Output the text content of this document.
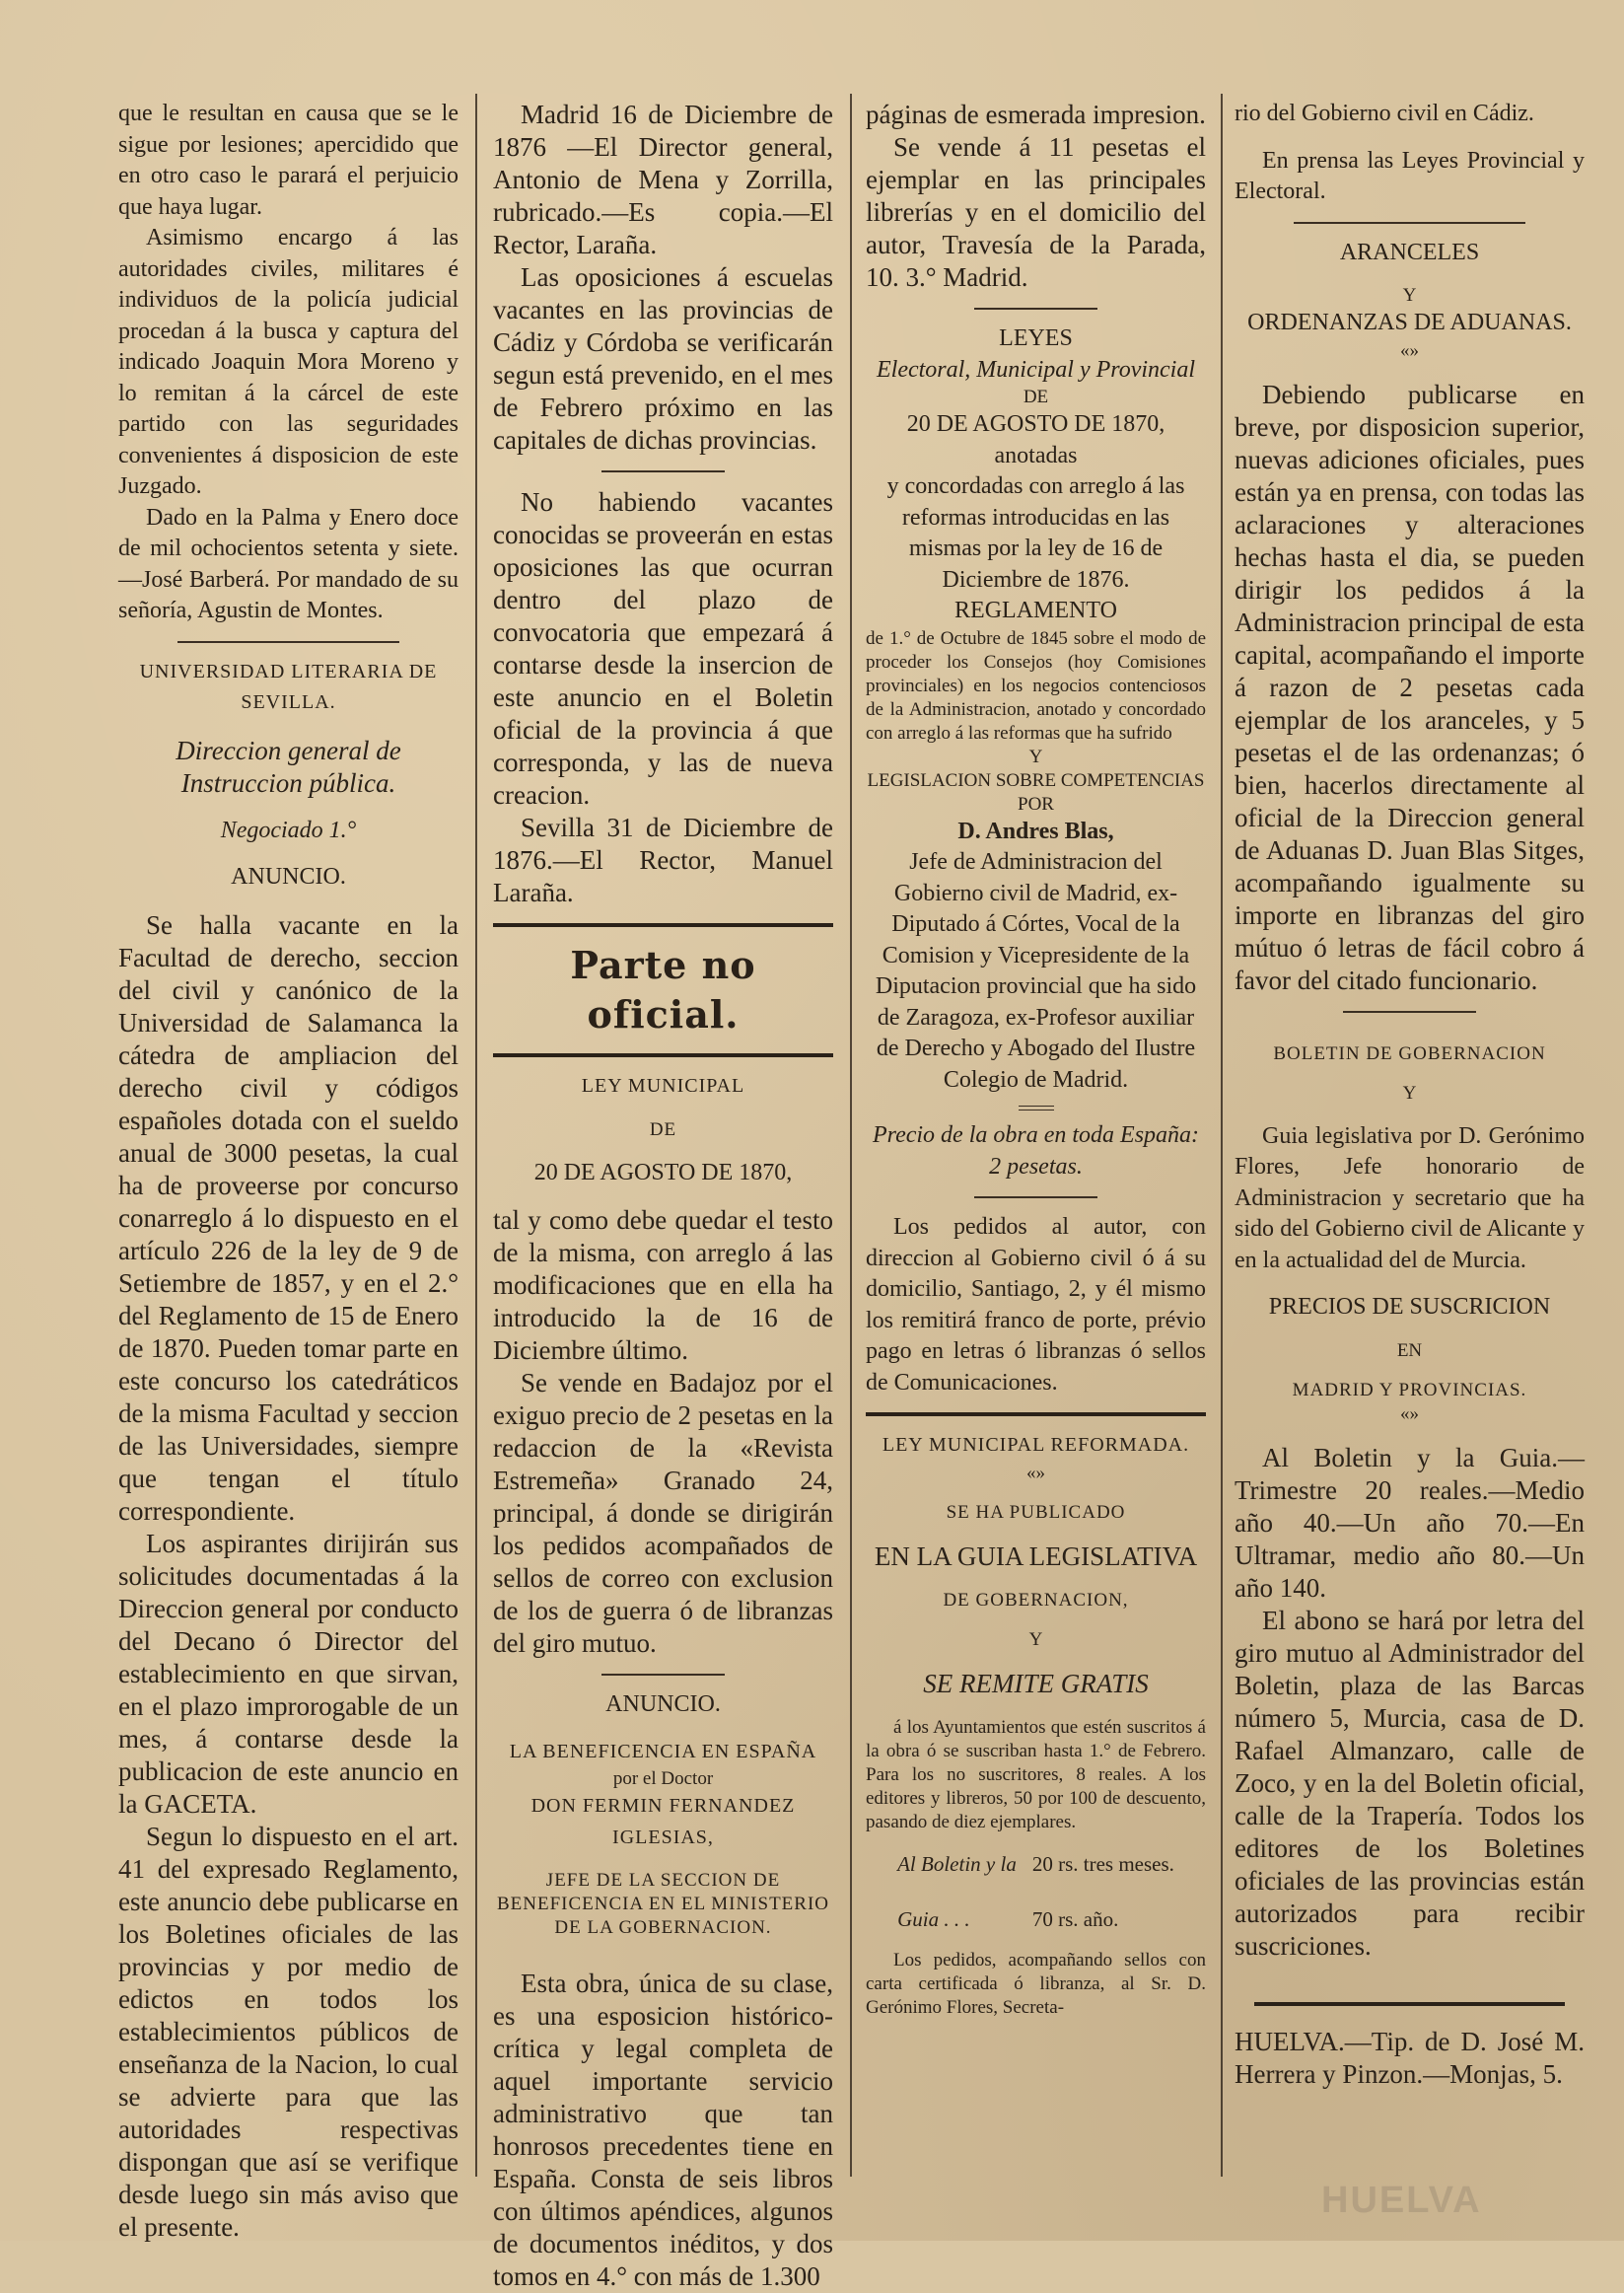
que le resultan en causa que se le sigue por lesiones; apercidido que en otro caso le parará el perjuicio que haya lugar.

Asimismo encargo á las autoridades civiles, militares é individuos de la policía judicial procedan á la busca y captura del indicado Joaquin Mora Moreno y lo remitan á la cárcel de este partido con las seguridades convenientes á disposicion de este Juzgado.

Dado en la Palma y Enero doce de mil ochocientos setenta y siete.—José Barberá. Por mandado de su señoría, Agustin de Montes.

UNIVERSIDAD LITERARIA DE

SEVILLA.

Direccion general de Instruccion pública.

Negociado 1.°

ANUNCIO.

Se halla vacante en la Facultad de derecho, seccion del civil y canónico de la Universidad de Salamanca la cátedra de ampliacion del derecho civil y códigos españoles dotada con el sueldo anual de 3000 pesetas, la cual ha de proveerse por concurso conarreglo á lo dispuesto en el artículo 226 de la ley de 9 de Setiembre de 1857, y en el 2.° del Reglamento de 15 de Enero de 1870. Pueden tomar parte en este concurso los catedráticos de la misma Facultad y seccion de las Universidades, siempre que tengan el título correspondiente.

Los aspirantes dirijirán sus solicitudes documentadas á la Direccion general por conducto del Decano ó Director del establecimiento en que sirvan, en el plazo improrogable de un mes, á contarse desde la publicacion de este anuncio en la GACETA.

Segun lo dispuesto en el art. 41 del expresado Reglamento, este anuncio debe publicarse en los Boletines oficiales de las provincias y por medio de edictos en todos los establecimientos públicos de enseñanza de la Nacion, lo cual se advierte para que las autoridades respectivas dispongan que así se verifique desde luego sin más aviso que el presente.

Madrid 16 de Diciembre de 1876 —El Director general, Antonio de Mena y Zorrilla, rubricado.—Es copia.—El Rector, Laraña.

Las oposiciones á escuelas vacantes en las provincias de Cádiz y Córdoba se verificarán segun está prevenido, en el mes de Febrero próximo en las capitales de dichas provincias.

No habiendo vacantes conocidas se proveerán en estas oposiciones las que ocurran dentro del plazo de convocatoria que empezará á contarse desde la insercion de este anuncio en el Boletin oficial de la provincia á que corresponda, y las de nueva creacion.

Sevilla 31 de Diciembre de 1876.—El Rector, Manuel Laraña.

Parte no oficial.

LEY MUNICIPAL

DE

20 DE AGOSTO DE 1870,

tal y como debe quedar el testo de la misma, con arreglo á las modificaciones que en ella ha introducido la de 16 de Diciembre último.

Se vende en Badajoz por el exiguo precio de 2 pesetas en la redaccion de la «Revista Estremeña» Granado 24, principal, á donde se dirigirán los pedidos acompañados de sellos de correo con exclusion de los de guerra ó de libranzas del giro mutuo.

ANUNCIO.

LA BENEFICENCIA EN ESPAÑA

por el Doctor

DON FERMIN FERNANDEZ IGLESIAS,

JEFE DE LA SECCION DE BENEFICENCIA EN EL MINISTERIO DE LA GOBERNACION.

Esta obra, única de su clase, es una esposicion histórico-crítica y legal completa de aquel importante servicio administrativo que tan honrosos precedentes tiene en España. Consta de seis libros con últimos apéndices, algunos de documentos inéditos, y dos tomos en 4.° con más de 1.300

páginas de esmerada impresion.

Se vende á 11 pesetas el ejemplar en las principales librerías y en el domicilio del autor, Travesía de la Parada, 10. 3.° Madrid.

LEYES

Electoral, Municipal y Provincial

DE

20 DE AGOSTO DE 1870,

anotadas

y concordadas con arreglo á las reformas introducidas en las mismas por la ley de 16 de Diciembre de 1876.

REGLAMENTO

de 1.° de Octubre de 1845 sobre el modo de proceder los Consejos (hoy Comisiones provinciales) en los negocios contenciosos de la Administracion, anotado y concordado con arreglo á las reformas que ha sufrido

Y

LEGISLACION SOBRE COMPETENCIAS

POR

D. Andres Blas,

Jefe de Administracion del Gobierno civil de Madrid, ex-Diputado á Córtes, Vocal de la Comision y Vicepresidente de la Diputacion provincial que ha sido de Zaragoza, ex-Profesor auxiliar de Derecho y Abogado del Ilustre Colegio de Madrid.

Precio de la obra en toda España:

2 pesetas.

Los pedidos al autor, con direccion al Gobierno civil ó á su domicilio, Santiago, 2, y él mismo los remitirá franco de porte, prévio pago en letras ó libranzas ó sellos de Comunicaciones.

LEY MUNICIPAL REFORMADA.

«»

SE HA PUBLICADO

EN LA GUIA LEGISLATIVA

DE GOBERNACION,

Y

SE REMITE GRATIS

á los Ayuntamientos que estén suscritos á la obra ó se suscriban hasta 1.° de Febrero. Para los no suscritores, 8 reales. A los editores y libreros, 50 por 100 de descuento, pasando de diez ejemplares.

Al Boletin y la
Guia . . .	20 rs. tres meses.
70 rs. año.

Los pedidos, acompañando sellos con carta certificada ó libranza, al Sr. D. Gerónimo Flores, Secreta-

rio del Gobierno civil en Cádiz.

En prensa las Leyes Provincial y Electoral.

ARANCELES

Y

ORDENANZAS DE ADUANAS.

«»

Debiendo publicarse en breve, por disposicion superior, nuevas adiciones oficiales, pues están ya en prensa, con todas las aclaraciones y alteraciones hechas hasta el dia, se pueden dirigir los pedidos á la Administracion principal de esta capital, acompañando el importe á razon de 2 pesetas cada ejemplar de los aranceles, y 5 pesetas el de las ordenanzas; ó bien, hacerlos directamente al oficial de la Direccion general de Aduanas D. Juan Blas Sitges, acompañando igualmente su importe en libranzas del giro mútuo ó letras de fácil cobro á favor del citado funcionario.

BOLETIN DE GOBERNACION

Y

Guia legislativa por D. Gerónimo Flores, Jefe honorario de Administracion y secretario que ha sido del Gobierno civil de Alicante y en la actualidad del de Murcia.

PRECIOS DE SUSCRICION

EN

MADRID Y PROVINCIAS.

«»

Al Boletin y la Guia.—Trimestre 20 reales.—Medio año 40.—Un año 70.—En Ultramar, medio año 80.—Un año 140.

El abono se hará por letra del giro mutuo al Administrador del Boletin, plaza de las Barcas número 5, Murcia, casa de D. Rafael Almanzaro, calle de Zoco, y en la del Boletin oficial, calle de la Trapería. Todos los editores de los Boletines oficiales de las provincias están autorizados para recibir suscriciones.

HUELVA.—Tip. de D. José M. Herrera y Pinzon.—Monjas, 5.

HUELVA
